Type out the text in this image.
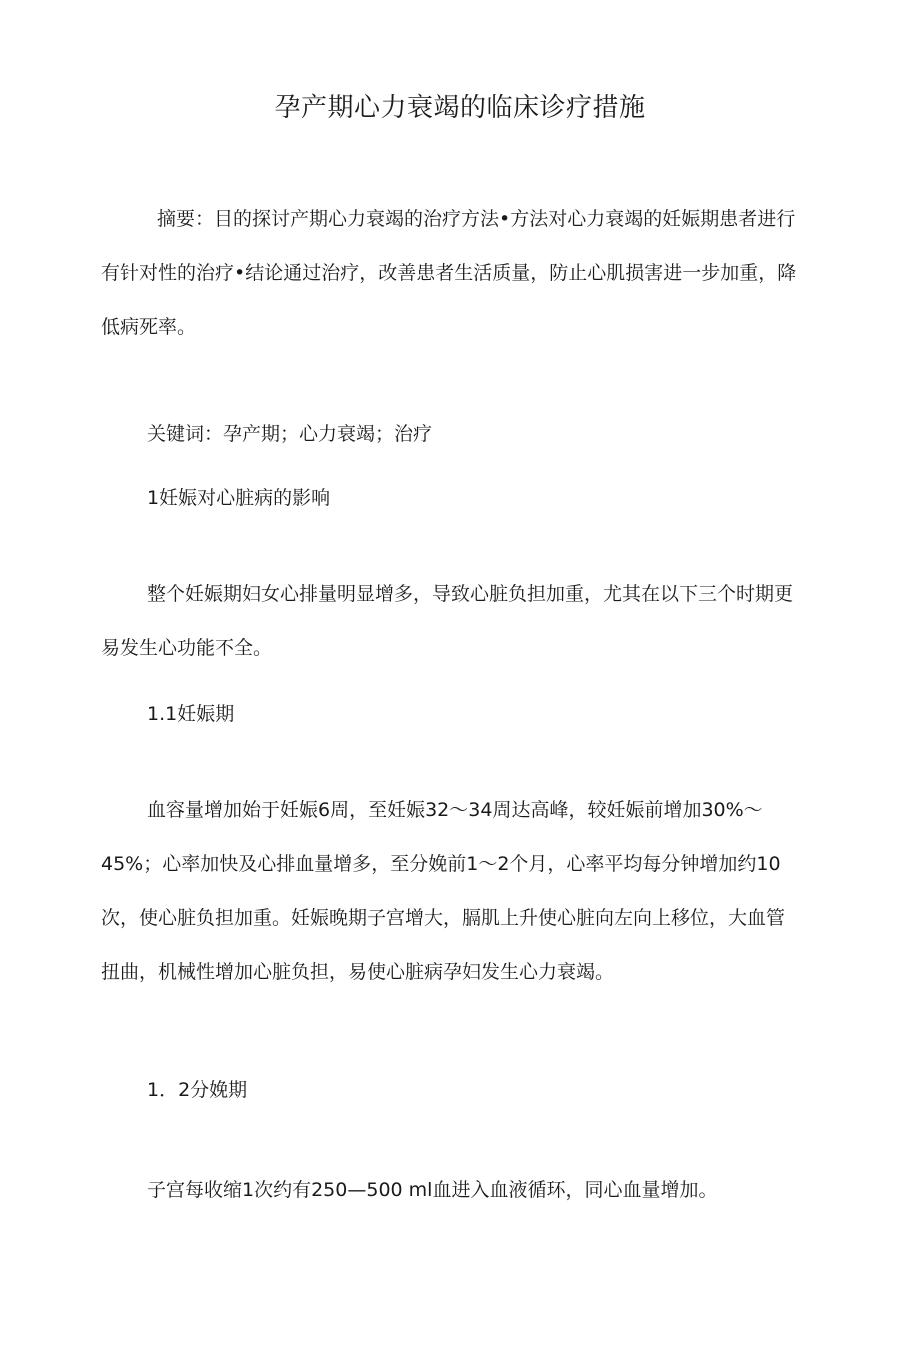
孕产期心力衰竭的临床诊疗措施

摘要：目的探讨产期心力衰竭的治疗方法•方法对心力衰竭的妊娠期患者进行有针对性的治疗•结论通过治疗，改善患者生活质量，防止心肌损害进一步加重，降低病死率。

关键词：孕产期；心力衰竭；治疗

1妊娠对心脏病的影响

整个妊娠期妇女心排量明显增多，导致心脏负担加重，尤其在以下三个时期更易发生心功能不全。

1.1妊娠期

血容量增加始于妊娠6周，至妊娠32～34周达高峰，较妊娠前增加30%～45%；心率加快及心排血量增多，至分娩前1～2个月，心率平均每分钟增加约10次，使心脏负担加重。妊娠晚期子宫增大，膈肌上升使心脏向左向上移位，大血管扭曲，机械性增加心脏负担，易使心脏病孕妇发生心力衰竭。

1．2分娩期

子宫每收缩1次约有250—500 ml血进入血液循环，同心血量增加。
